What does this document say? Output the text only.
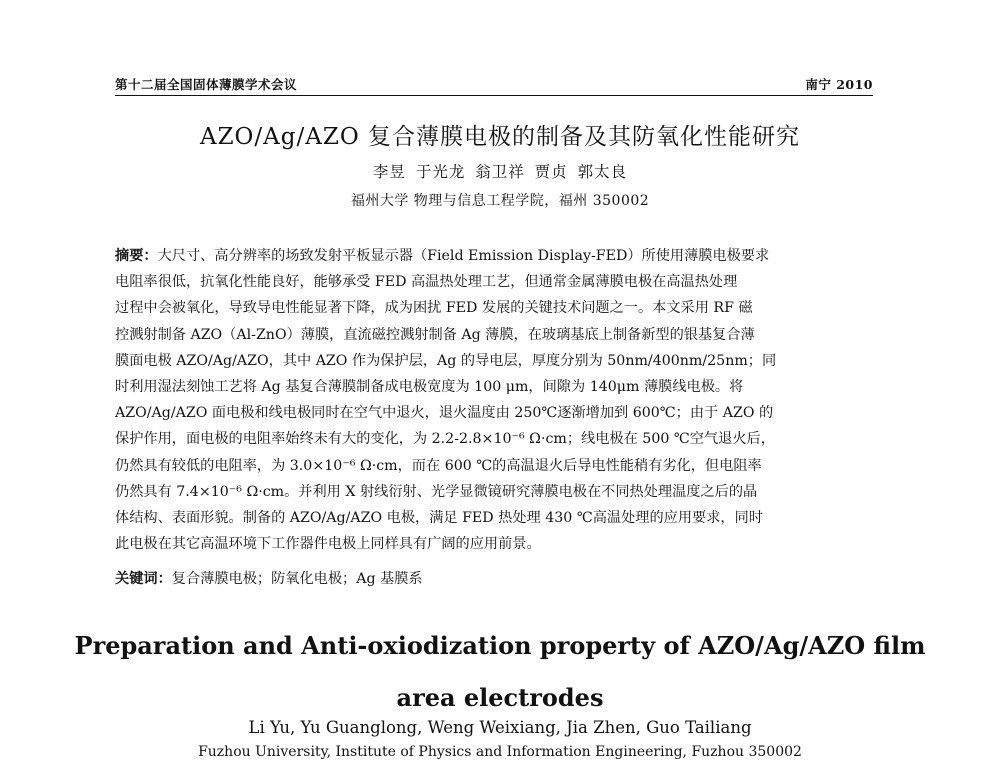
第十二届全国固体薄膜学术会议	南宁 2010
AZO/Ag/AZO 复合薄膜电极的制备及其防氧化性能研究
李昱 于光龙 翁卫祥 贾贞 郭太良
福州大学 物理与信息工程学院，福州 350002
摘要：大尺寸、高分辨率的场致发射平板显示器（Field Emission Display-FED）所使用薄膜电极要求
电阻率很低，抗氧化性能良好，能够承受 FED 高温热处理工艺，但通常金属薄膜电极在高温热处理
过程中会被氧化，导致导电性能显著下降，成为困扰 FED 发展的关键技术问题之一。本文采用 RF 磁
控溅射制备 AZO（Al-ZnO）薄膜，直流磁控溅射制备 Ag 薄膜，在玻璃基底上制备新型的银基复合薄
膜面电极 AZO/Ag/AZO，其中 AZO 作为保护层，Ag 的导电层，厚度分别为 50nm/400nm/25nm；同
时利用湿法刻蚀工艺将 Ag 基复合薄膜制备成电极宽度为 100 μm，间隙为 140μm 薄膜线电极。将
AZO/Ag/AZO 面电极和线电极同时在空气中退火，退火温度由 250℃逐渐增加到 600℃；由于 AZO 的
保护作用，面电极的电阻率始终未有大的变化，为 2.2-2.8×10⁻⁶ Ω·cm；线电极在 500 ℃空气退火后，
仍然具有较低的电阻率，为 3.0×10⁻⁶ Ω·cm，而在 600 ℃的高温退火后导电性能稍有劣化，但电阻率
仍然具有 7.4×10⁻⁶ Ω·cm。并利用 X 射线衍射、光学显微镜研究薄膜电极在不同热处理温度之后的晶
体结构、表面形貌。制备的 AZO/Ag/AZO 电极，满足 FED 热处理 430 ℃高温处理的应用要求，同时
此电极在其它高温环境下工作器件电极上同样具有广阔的应用前景。
关键词：复合薄膜电极；防氧化电极；Ag 基膜系
Preparation and Anti-oxiodization property of AZO/Ag/AZO film
area electrodes
Li Yu, Yu Guanglong, Weng Weixiang, Jia Zhen, Guo Tailiang
Fuzhou University, Institute of Physics and Information Engineering, Fuzhou 350002
